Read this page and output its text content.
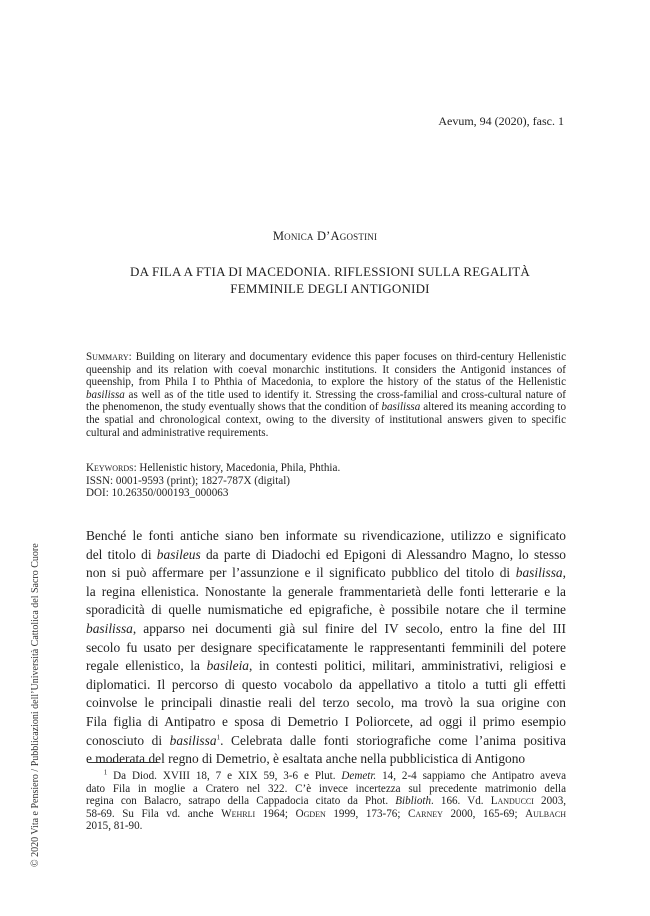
Aevum, 94 (2020), fasc. 1
Monica D’Agostini
DA FILA A FTIA DI MACEDONIA. RIFLESSIONI SULLA REGALITÀ
FEMMINILE DEGLI ANTIGONIDI
Summary: Building on literary and documentary evidence this paper focuses on third-century Hellenistic queenship and its relation with coeval monarchic institutions. It considers the Antigonid instances of queenship, from Phila I to Phthia of Macedonia, to explore the history of the status of the Hellenistic basilissa as well as of the title used to identify it. Stressing the cross-familial and cross-cultural nature of the phenomenon, the study eventually shows that the condition of basilissa altered its meaning according to the spatial and chronological context, owing to the diversity of institutional answers given to specific cultural and administrative requirements.
Keywords: Hellenistic history, Macedonia, Phila, Phthia.
ISSN: 0001-9593 (print); 1827-787X (digital)
DOI: 10.26350/000193_000063
Benché le fonti antiche siano ben informate su rivendicazione, utilizzo e significato
del titolo di basileus da parte di Diadochi ed Epigoni di Alessandro Magno, lo stesso
non si può affermare per l’assunzione e il significato pubblico del titolo di basilissa,
la regina ellenistica. Nonostante la generale frammentarietà delle fonti letterarie e la
sporadicità di quelle numismatiche ed epigrafiche, è possibile notare che il termine
basilissa, apparso nei documenti già sul finire del IV secolo, entro la fine del III
secolo fu usato per designare specificatamente le rappresentanti femminili del potere
regale ellenistico, la basileia, in contesti politici, militari, amministrativi, religiosi e
diplomatici. Il percorso di questo vocabolo da appellativo a titolo a tutti gli effetti
coinvolse le principali dinastie reali del terzo secolo, ma trovò la sua origine con
Fila figlia di Antipatro e sposa di Demetrio I Poliorcete, ad oggi il primo esempio
conosciuto di basilissa$^1$. Celebrata dalle fonti storiografiche come l’anima positiva
e moderata del regno di Demetrio, è esaltata anche nella pubblicistica di Antigono
$^1$ Da Diod. XVIII 18, 7 e XIX 59, 3-6 e Plut. Demetr. 14, 2-4 sappiamo che Antipatro aveva
dato Fila in moglie a Cratero nel 322. C’è invece incertezza sul precedente matrimonio della
regina con Balacro, satrapo della Cappadocia citato da Phot. Biblioth. 166. Vd. Landucci 2003,
58-69. Su Fila vd. anche Wehrli 1964; Ogden 1999, 173-76; Carney 2000, 165-69; Aulbach
2015, 81-90.
© 2020 Vita e Pensiero / Pubblicazioni dell’Università Cattolica del Sacro Cuore
